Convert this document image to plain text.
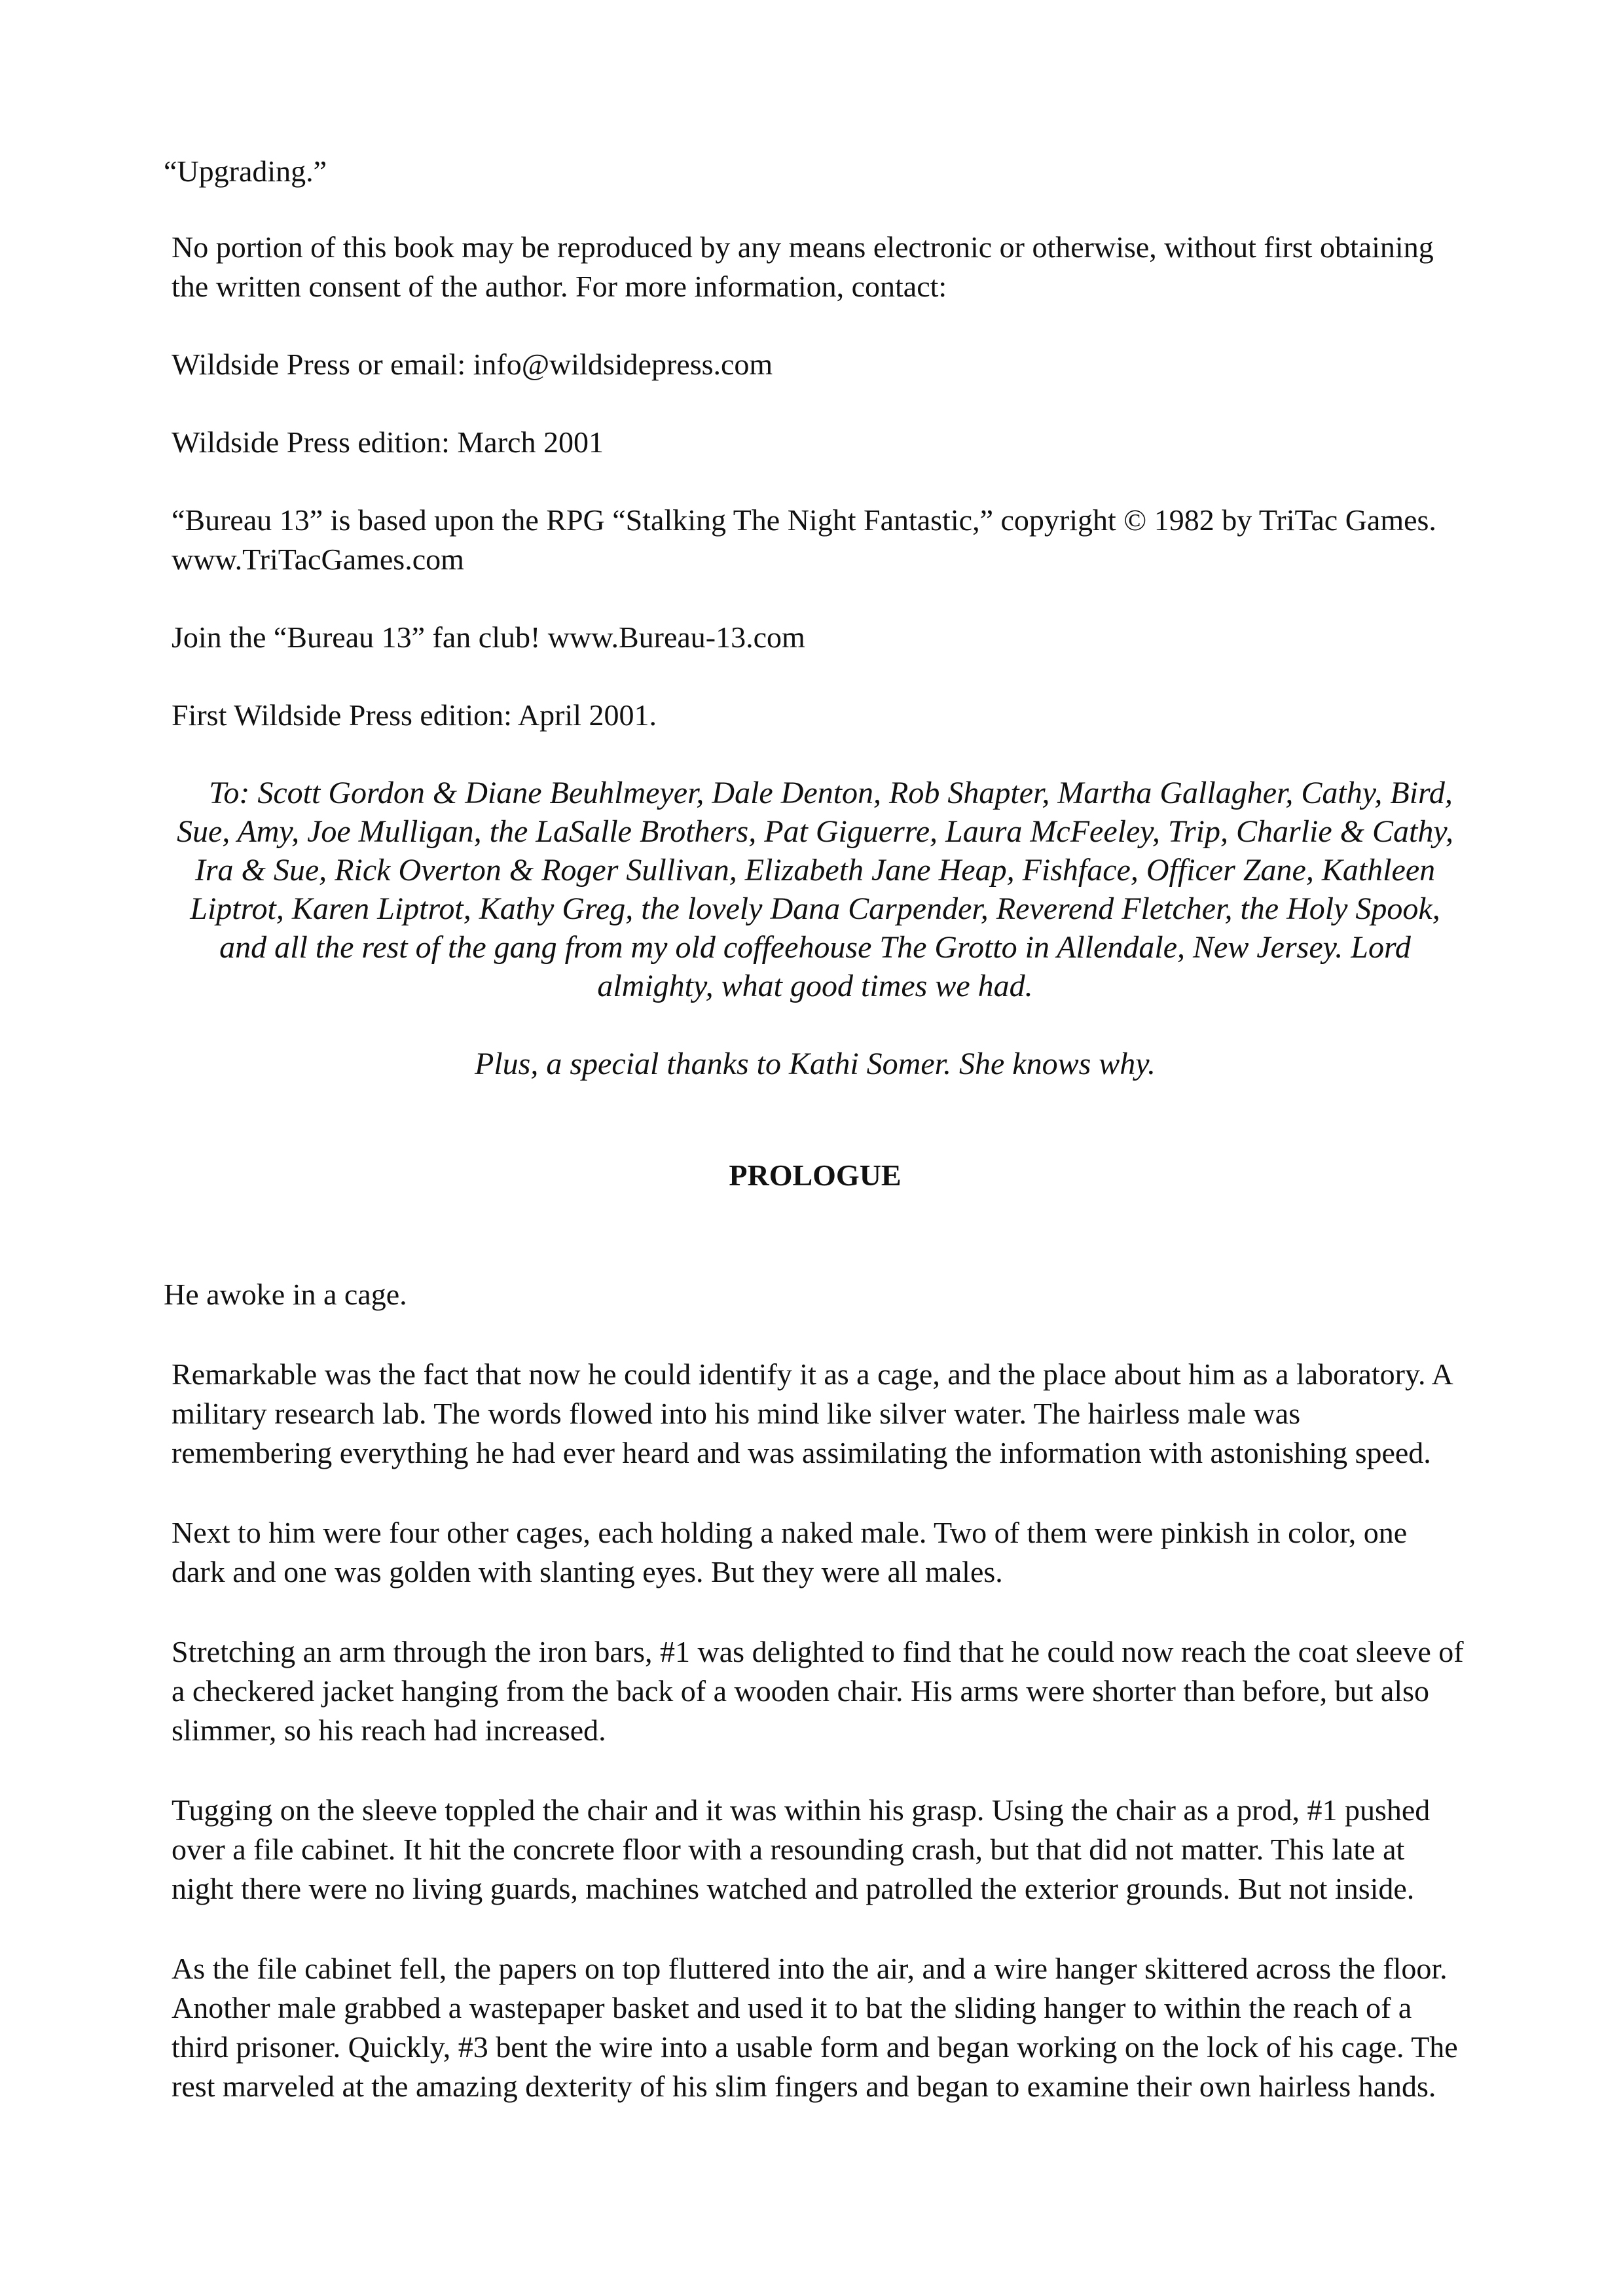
“Upgrading.”

No portion of this book may be reproduced by any means electronic or otherwise, without first obtaining the written consent of the author. For more information, contact:

Wildside Press or email: info@wildsidepress.com

Wildside Press edition: March 2001

“Bureau 13” is based upon the RPG “Stalking The Night Fantastic,” copyright © 1982 by TriTac Games. www.TriTacGames.com

Join the “Bureau 13” fan club! www.Bureau-13.com

First Wildside Press edition: April 2001.

To: Scott Gordon & Diane Beuhlmeyer, Dale Denton, Rob Shapter, Martha Gallagher, Cathy, Bird, Sue, Amy, Joe Mulligan, the LaSalle Brothers, Pat Giguerre, Laura McFeeley, Trip, Charlie & Cathy, Ira & Sue, Rick Overton & Roger Sullivan, Elizabeth Jane Heap, Fishface, Officer Zane, Kathleen Liptrot, Karen Liptrot, Kathy Greg, the lovely Dana Carpender, Reverend Fletcher, the Holy Spook, and all the rest of the gang from my old coffeehouse The Grotto in Allendale, New Jersey. Lord almighty, what good times we had.

Plus, a special thanks to Kathi Somer. She knows why.

PROLOGUE

He awoke in a cage.

Remarkable was the fact that now he could identify it as a cage, and the place about him as a laboratory. A military research lab. The words flowed into his mind like silver water. The hairless male was remembering everything he had ever heard and was assimilating the information with astonishing speed.

Next to him were four other cages, each holding a naked male. Two of them were pinkish in color, one dark and one was golden with slanting eyes. But they were all males.

Stretching an arm through the iron bars, #1 was delighted to find that he could now reach the coat sleeve of a checkered jacket hanging from the back of a wooden chair. His arms were shorter than before, but also slimmer, so his reach had increased.

Tugging on the sleeve toppled the chair and it was within his grasp. Using the chair as a prod, #1 pushed over a file cabinet. It hit the concrete floor with a resounding crash, but that did not matter. This late at night there were no living guards, machines watched and patrolled the exterior grounds. But not inside.

As the file cabinet fell, the papers on top fluttered into the air, and a wire hanger skittered across the floor. Another male grabbed a wastepaper basket and used it to bat the sliding hanger to within the reach of a third prisoner. Quickly, #3 bent the wire into a usable form and began working on the lock of his cage. The rest marveled at the amazing dexterity of his slim fingers and began to examine their own hairless hands.
